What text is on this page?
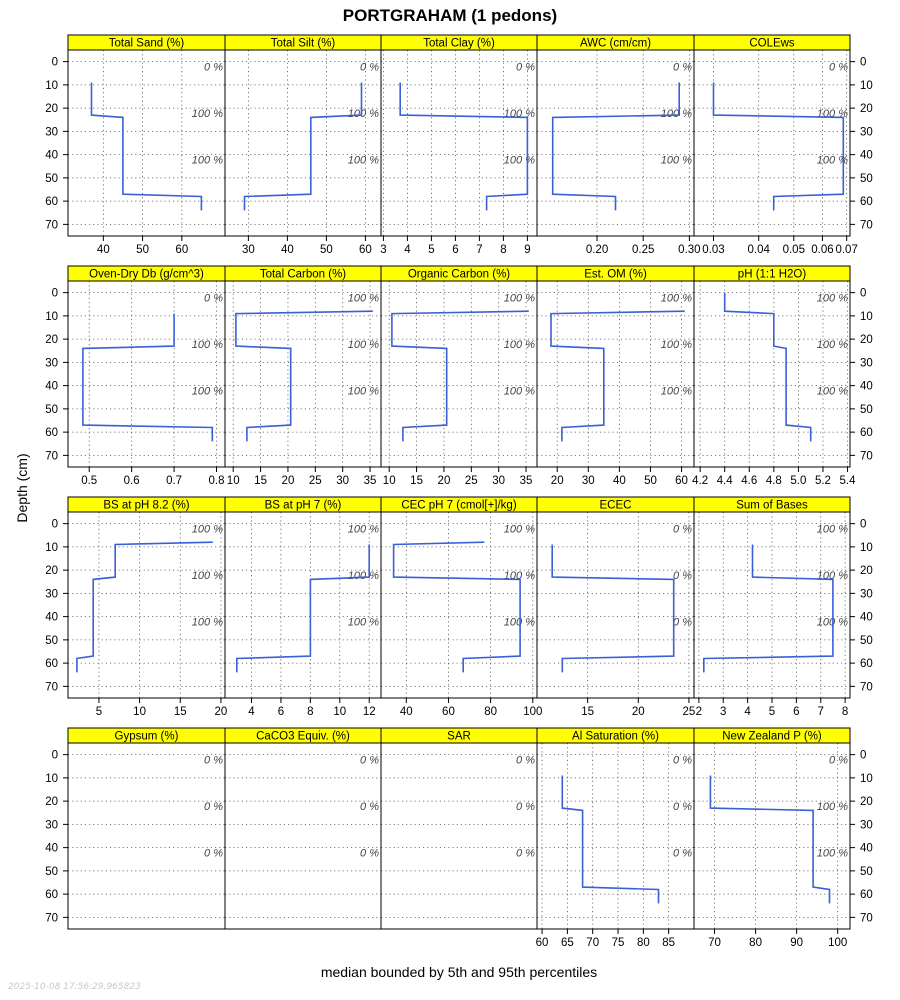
PORTGRAHAM (1 pedons)
Total Sand (%)
0 %
100 %
100 %
40 50 60
0
10
20
30
40
50
60
70
Total Silt (%)
0 %
100 %
100 %
30 40 50 60
Total Clay (%)
0 %
100 %
100 %
3 4 5 6 7 8 9
AWC (cm/cm)
0 %
100 %
100 %
0.20 0.25 0.30
COLEws
0 %
100 %
100 %
0.03 0.04 0.05 0.06 0.07
0
10
20
30
40
50
60
70
Oven-Dry Db (g/cm^3)
0 %
100 %
100 %
0.5 0.6 0.7 0.8
0
10
20
30
40
50
60
70
Total Carbon (%)
100 %
100 %
100 %
10 15 20 25 30 35
Organic Carbon (%)
100 %
100 %
100 %
10 15 20 25 30 35
Est. OM (%)
100 %
100 %
100 %
20 30 40 50 60
pH (1:1 H2O)
100 %
100 %
100 %
4.2 4.4 4.6 4.8 5.0 5.2 5.4
0
10
20
30
40
50
60
70
BS at pH 8.2 (%)
100 %
100 %
100 %
5	10 15 20
0
10
20
30
40
50
60
70
BS at pH 7 (%)
100 %
100 %
100 %
4 6 8 10 12
CEC pH 7 (cmol[+]/kg)
100 %
100 %
100 %
40	60	80 100
ECEC
0 %
0 %
0 %
15	20	25
Sum of Bases
100 %
100 %
100 %
2 3 4 5 6 7 8
0
10
20
30
40
50
60
70
Gypsum (%)
0 %
0 %
0 %
0
10
20
30
40
50
60
70
CaCO3 Equiv. (%)
0 %
0 %
0 %
SAR
0 %
0 %
0 %
Al Saturation (%)
0 %
0 %
0 %
60 65 70 75 80 85
New Zealand P (%)
0 %
100 %
100 %
70 80 90 100
0
10
20
30
40
50
60
70
Depth (cm)
median bounded by 5th and 95th percentiles
2025-10-08 17:56:29.965823
